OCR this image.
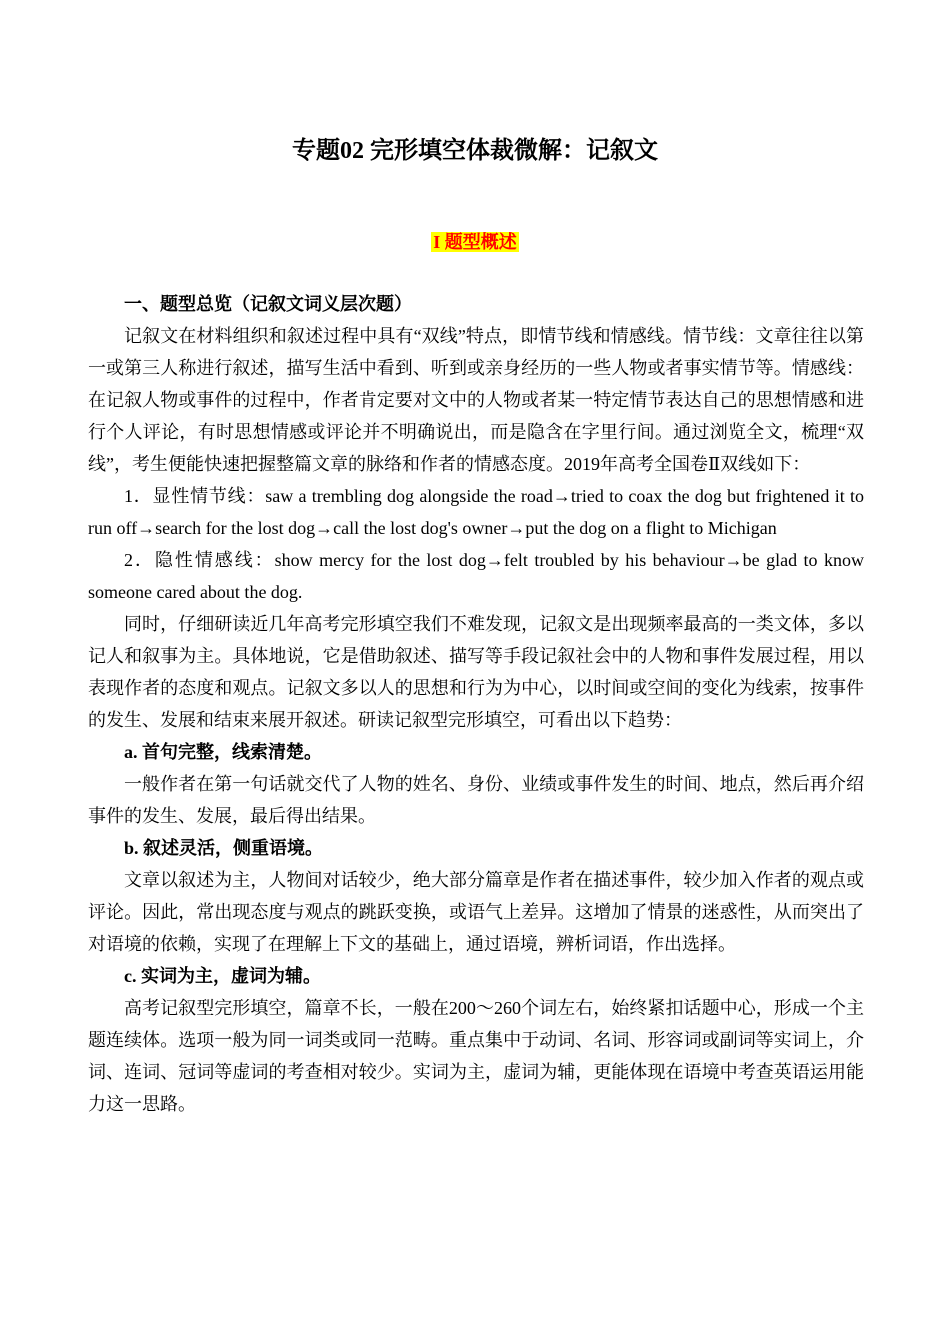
专题02 完形填空体裁微解：记叙文
I 题型概述

一、题型总览（记叙文词义层次题）

记叙文在材料组织和叙述过程中具有“双线”特点，即情节线和情感线。情节线：文章往往以第一或第三人称进行叙述，描写生活中看到、听到或亲身经历的一些人物或者事实情节等。情感线：在记叙人物或事件的过程中，作者肯定要对文中的人物或者某一特定情节表达自己的思想情感和进行个人评论，有时思想情感或评论并不明确说出，而是隐含在字里行间。通过浏览全文，梳理“双线”，考生便能快速把握整篇文章的脉络和作者的情感态度。2019年高考全国卷Ⅱ双线如下：

1．显性情节线：saw a trembling dog alongside the road→tried to coax the dog but frightened it to run off→search for the lost dog→call the lost dog's owner→put the dog on a flight to Michigan

2．隐性情感线：show mercy for the lost dog→felt troubled by his behaviour→be glad to know someone cared about the dog.

同时，仔细研读近几年高考完形填空我们不难发现，记叙文是出现频率最高的一类文体，多以记人和叙事为主。具体地说，它是借助叙述、描写等手段记叙社会中的人物和事件发展过程，用以表现作者的态度和观点。记叙文多以人的思想和行为为中心，以时间或空间的变化为线索，按事件的发生、发展和结束来展开叙述。研读记叙型完形填空，可看出以下趋势：

a. 首句完整，线索清楚。

一般作者在第一句话就交代了人物的姓名、身份、业绩或事件发生的时间、地点，然后再介绍事件的发生、发展，最后得出结果。

b. 叙述灵活，侧重语境。

文章以叙述为主，人物间对话较少，绝大部分篇章是作者在描述事件，较少加入作者的观点或评论。因此，常出现态度与观点的跳跃变换，或语气上差异。这增加了情景的迷惑性，从而突出了对语境的依赖，实现了在理解上下文的基础上，通过语境，辨析词语，作出选择。

c. 实词为主，虚词为辅。

高考记叙型完形填空，篇章不长，一般在200～260个词左右，始终紧扣话题中心，形成一个主题连续体。选项一般为同一词类或同一范畴。重点集中于动词、名词、形容词或副词等实词上，介词、连词、冠词等虚词的考查相对较少。实词为主，虚词为辅，更能体现在语境中考查英语运用能力这一思路。
